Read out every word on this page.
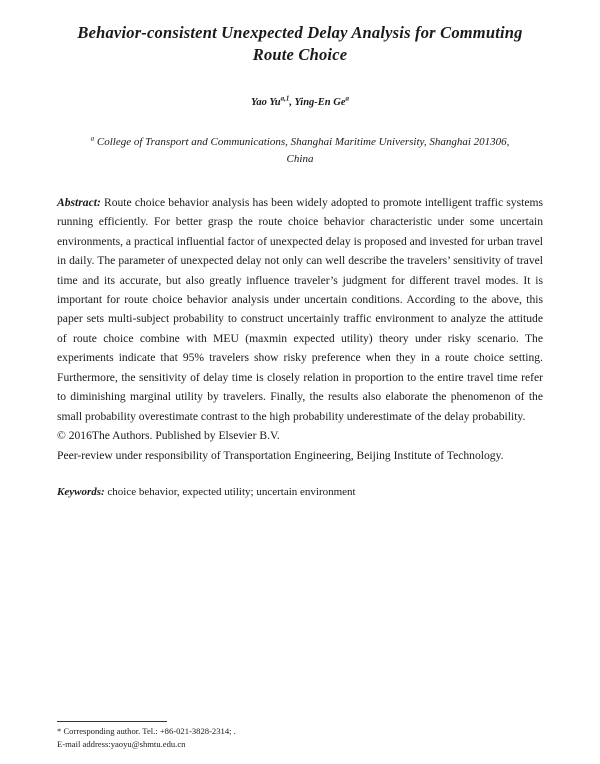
Behavior-consistent Unexpected Delay Analysis for Commuting Route Choice
Yao Yu$^{a,1}$, Ying-En Ge$^a$
$^a$ College of Transport and Communications, Shanghai Maritime University, Shanghai 201306, China
Abstract: Route choice behavior analysis has been widely adopted to promote intelligent traffic systems running efficiently. For better grasp the route choice behavior characteristic under some uncertain environments, a practical influential factor of unexpected delay is proposed and invested for urban travel in daily. The parameter of unexpected delay not only can well describe the travelers’ sensitivity of travel time and its accurate, but also greatly influence traveler’s judgment for different travel modes. It is important for route choice behavior analysis under uncertain conditions. According to the above, this paper sets multi-subject probability to construct uncertainly traffic environment to analyze the attitude of route choice combine with MEU (maxmin expected utility) theory under risky scenario. The experiments indicate that 95% travelers show risky preference when they in a route choice setting. Furthermore, the sensitivity of delay time is closely relation in proportion to the entire travel time refer to diminishing marginal utility by travelers. Finally, the results also elaborate the phenomenon of the small probability overestimate contrast to the high probability underestimate of the delay probability.
© 2016The Authors. Published by Elsevier B.V.
Peer-review under responsibility of Transportation Engineering, Beijing Institute of Technology.
Keywords: choice behavior, expected utility; uncertain environment
* Corresponding author. Tel.: +86-021-3828-2314; .
E-mail address:yaoyu@shmtu.edu.cn
